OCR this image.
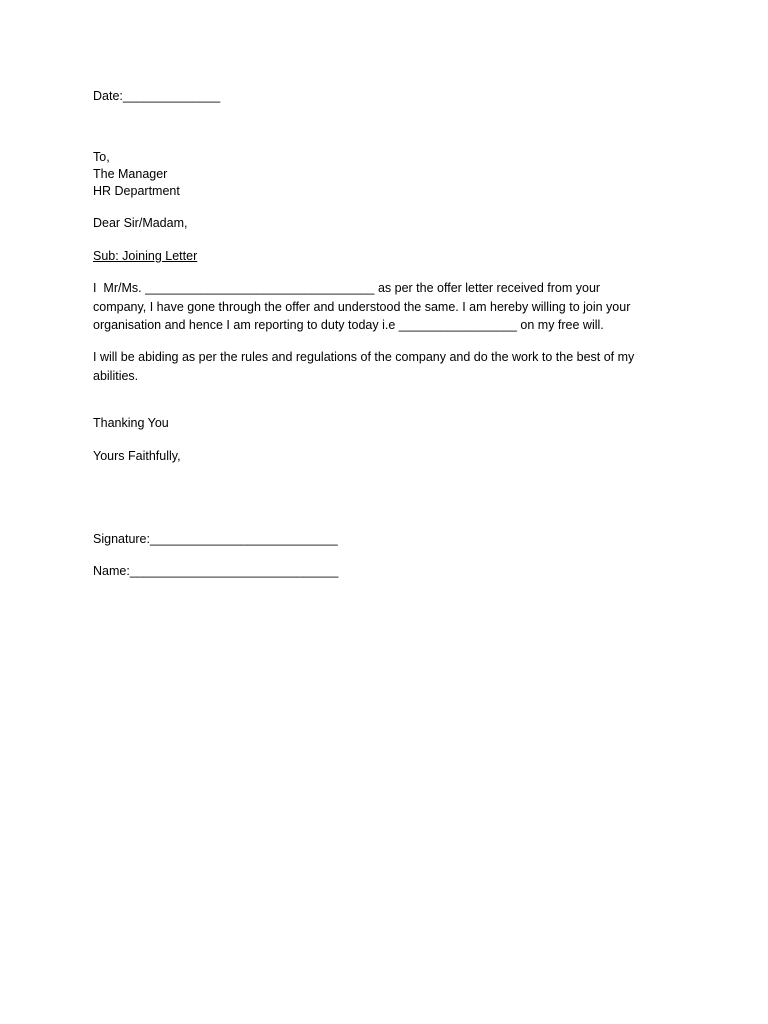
Date:______________
To,
The Manager
HR Department
Dear Sir/Madam,
Sub: Joining Letter
I  Mr/Ms. _________________________________ as per the offer letter received from your
company, I have gone through the offer and understood the same. I am hereby willing to join your
organisation and hence I am reporting to duty today i.e _________________ on my free will.
I will be abiding as per the rules and regulations of the company and do the work to the best of my
abilities.
Thanking You
Yours Faithfully,
Signature:___________________________
Name:______________________________
